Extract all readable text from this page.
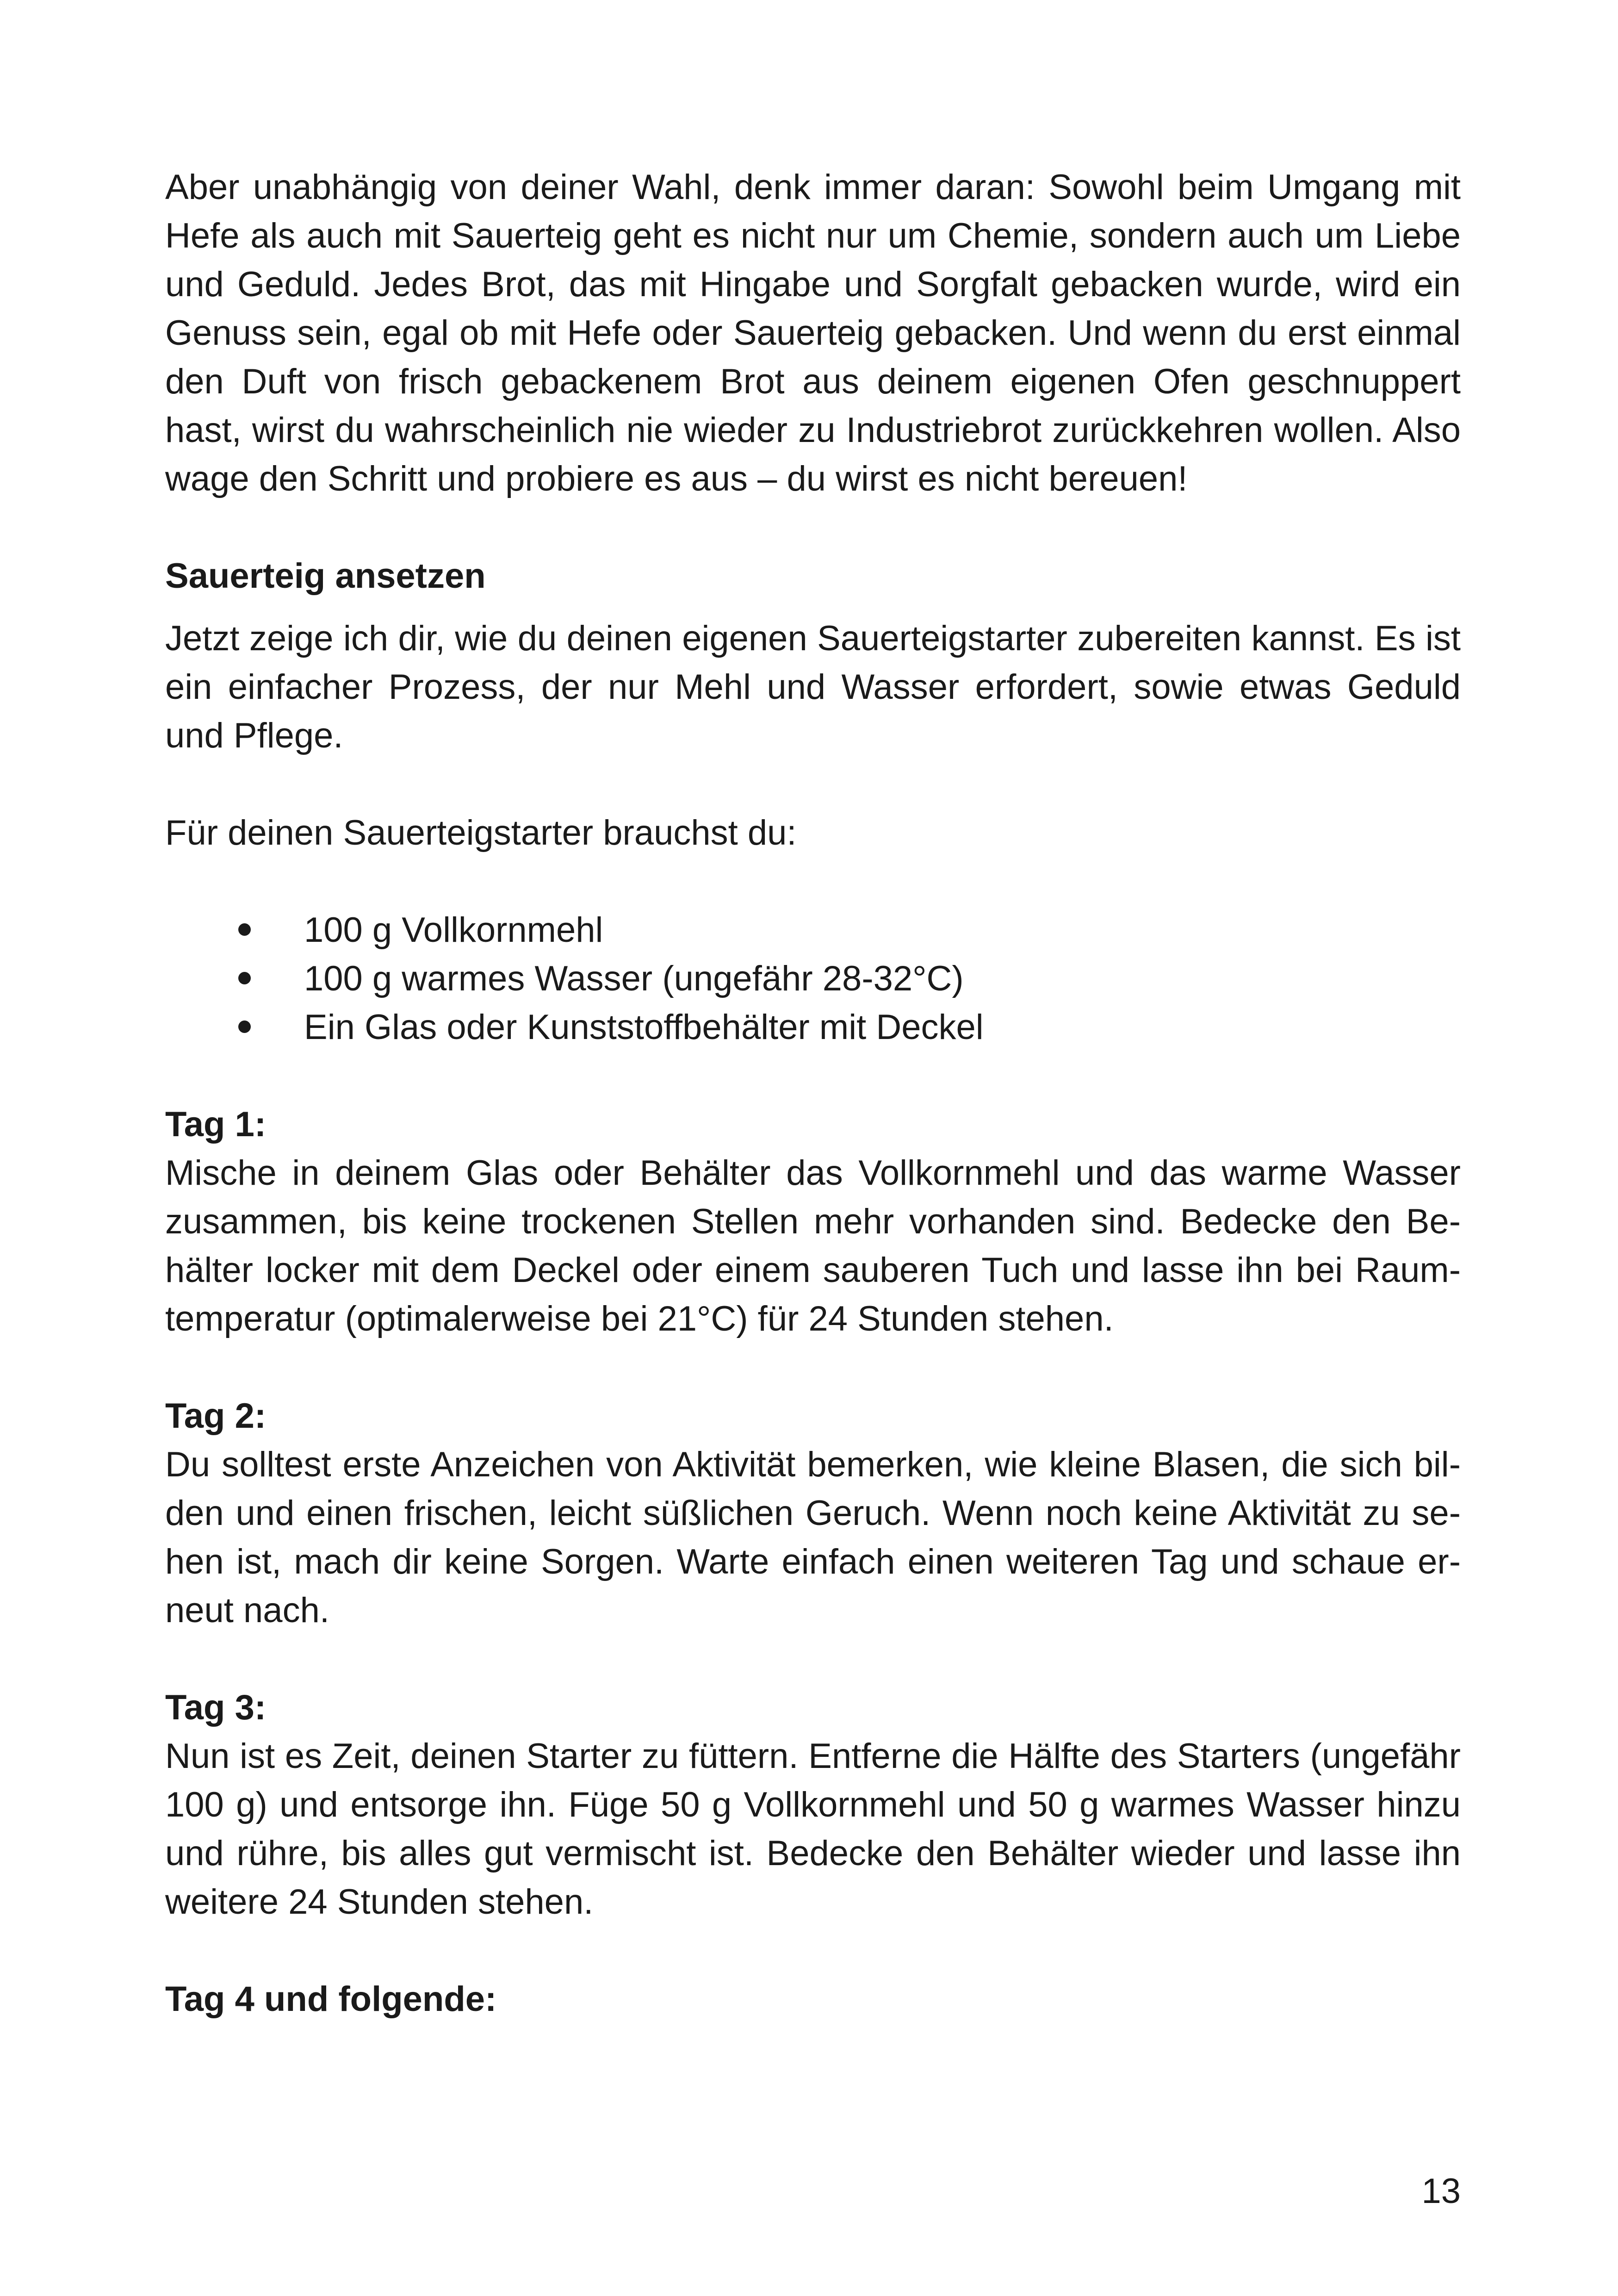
Aber unabhängig von deiner Wahl, denk immer daran: Sowohl beim Umgang mit Hefe als auch mit Sauerteig geht es nicht nur um Chemie, sondern auch um Liebe und Geduld. Jedes Brot, das mit Hingabe und Sorgfalt gebacken wurde, wird ein Genuss sein, egal ob mit Hefe oder Sauerteig gebacken. Und wenn du erst einmal den Duft von frisch gebackenem Brot aus deinem eigenen Ofen geschnuppert hast, wirst du wahrscheinlich nie wieder zu Industriebrot zurückkehren wollen. Also wage den Schritt und probiere es aus – du wirst es nicht bereuen!

Sauerteig ansetzen

Jetzt zeige ich dir, wie du deinen eigenen Sauerteigstarter zubereiten kannst. Es ist ein einfacher Prozess, der nur Mehl und Wasser erfordert, sowie etwas Geduld und Pflege.

Für deinen Sauerteigstarter brauchst du:

100 g Vollkornmehl
100 g warmes Wasser (ungefähr 28-32°C)
Ein Glas oder Kunststoffbehälter mit Deckel

Tag 1:

Mische in deinem Glas oder Behälter das Vollkornmehl und das warme Wasser zusammen, bis keine trockenen Stellen mehr vorhanden sind. Bedecke den Behälter locker mit dem Deckel oder einem sauberen Tuch und lasse ihn bei Raumtemperatur (optimalerweise bei 21°C) für 24 Stunden stehen.

Tag 2:

Du solltest erste Anzeichen von Aktivität bemerken, wie kleine Blasen, die sich bilden und einen frischen, leicht süßlichen Geruch. Wenn noch keine Aktivität zu sehen ist, mach dir keine Sorgen. Warte einfach einen weiteren Tag und schaue erneut nach.

Tag 3:

Nun ist es Zeit, deinen Starter zu füttern. Entferne die Hälfte des Starters (ungefähr 100 g) und entsorge ihn. Füge 50 g Vollkornmehl und 50 g warmes Wasser hinzu und rühre, bis alles gut vermischt ist. Bedecke den Behälter wieder und lasse ihn weitere 24 Stunden stehen.

Tag 4 und folgende:

13
